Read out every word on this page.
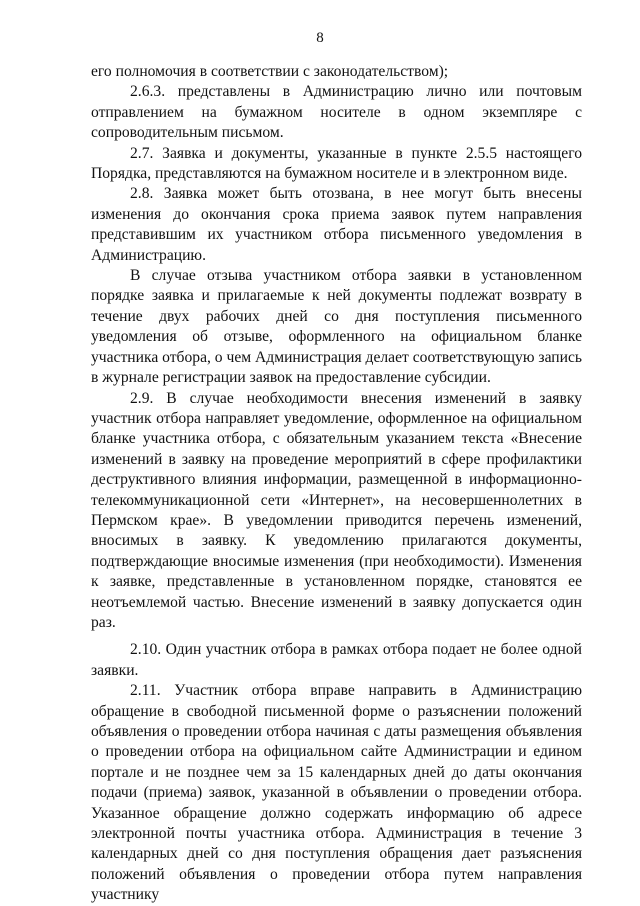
8

его полномочия в соответствии с законодательством);

2.6.3. представлены в Администрацию лично или почтовым отправлением на бумажном носителе в одном экземпляре с сопроводительным письмом.

2.7. Заявка и документы, указанные в пункте 2.5.5 настоящего Порядка, представляются на бумажном носителе и в электронном виде.

2.8. Заявка может быть отозвана, в нее могут быть внесены изменения до окончания срока приема заявок путем направления представившим их участником отбора письменного уведомления в Администрацию.

В случае отзыва участником отбора заявки в установленном порядке заявка и прилагаемые к ней документы подлежат возврату в течение двух рабочих дней со дня поступления письменного уведомления об отзыве, оформленного на официальном бланке участника отбора, о чем Администрация делает соответствующую запись в журнале регистрации заявок на предоставление субсидии.

2.9. В случае необходимости внесения изменений в заявку участник отбора направляет уведомление, оформленное на официальном бланке участника отбора, с обязательным указанием текста «Внесение изменений в заявку на проведение мероприятий в сфере профилактики деструктивного влияния информации, размещенной в информационно-телекоммуникационной сети «Интернет», на несовершеннолетних в Пермском крае». В уведомлении приводится перечень изменений, вносимых в заявку. К уведомлению прилагаются документы, подтверждающие вносимые изменения (при необходимости). Изменения к заявке, представленные в установленном порядке, становятся ее неотъемлемой частью. Внесение изменений в заявку допускается один раз.

2.10. Один участник отбора в рамках отбора подает не более одной заявки.

2.11. Участник отбора вправе направить в Администрацию обращение в свободной письменной форме о разъяснении положений объявления о проведении отбора начиная с даты размещения объявления о проведении отбора на официальном сайте Администрации и едином портале и не позднее чем за 15 календарных дней до даты окончания подачи (приема) заявок, указанной в объявлении о проведении отбора. Указанное обращение должно содержать информацию об адресе электронной почты участника отбора. Администрация в течение 3 календарных дней со дня поступления обращения дает разъяснения положений объявления о проведении отбора путем направления участнику
